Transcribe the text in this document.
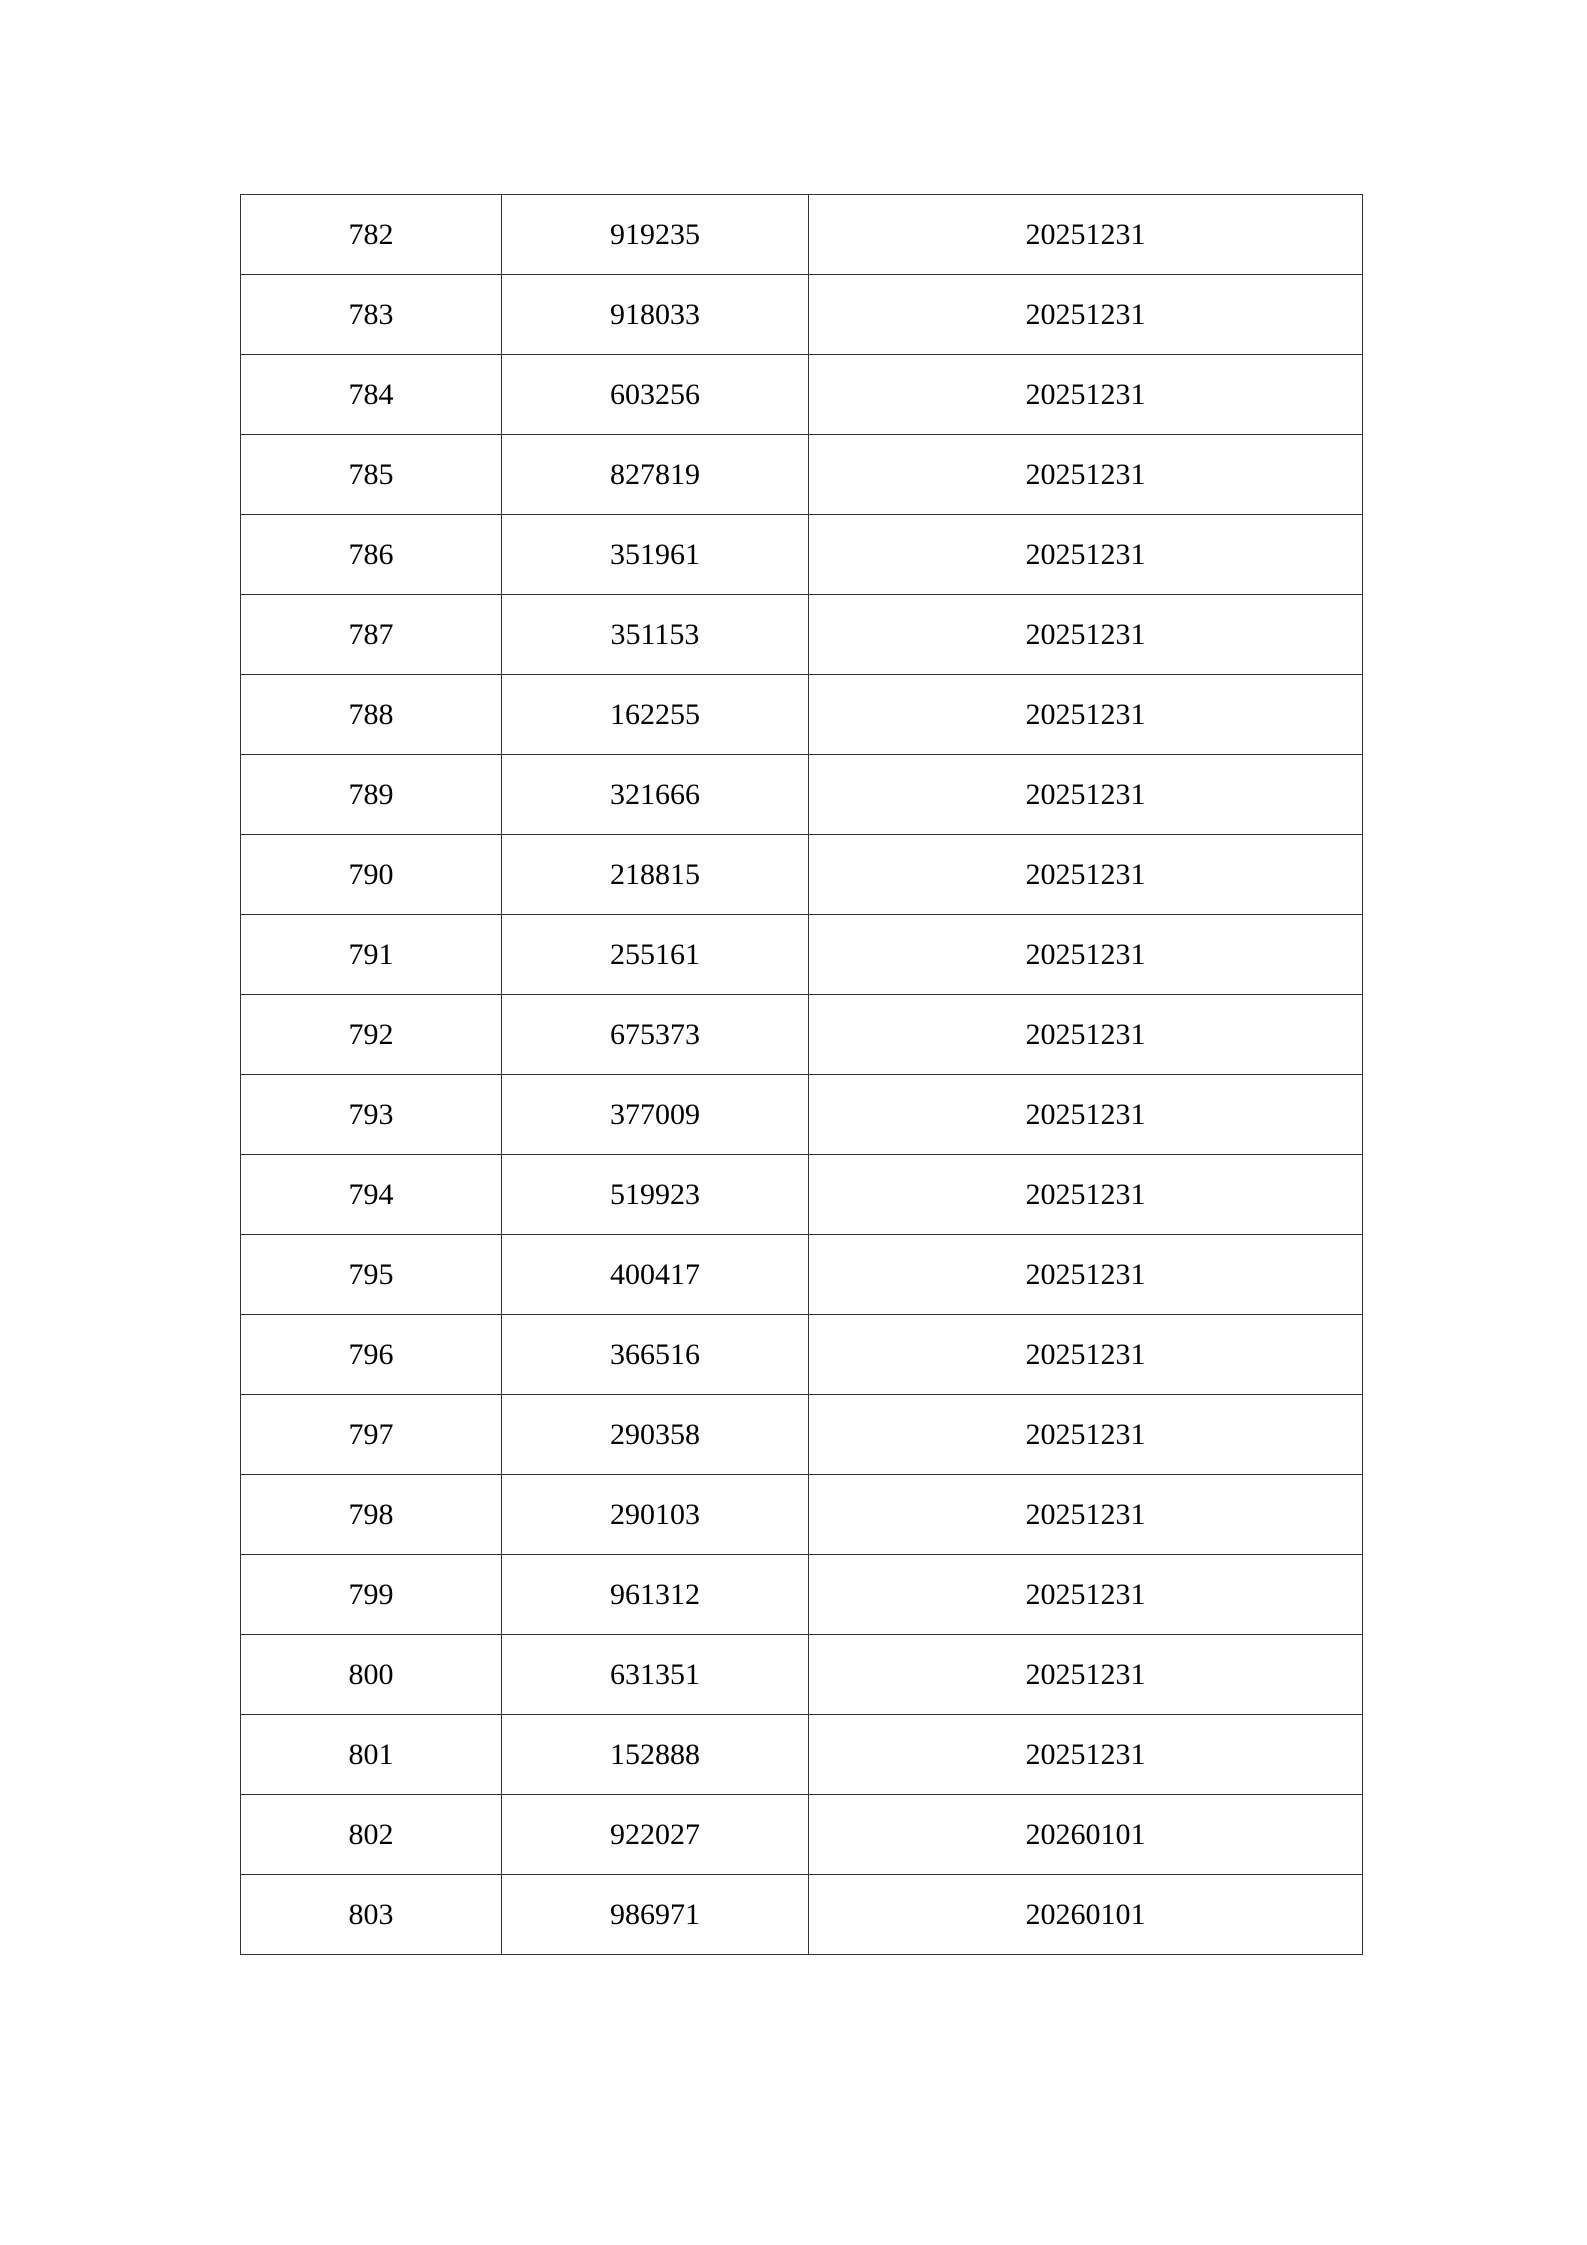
782	919235	20251231
783	918033	20251231
784	603256	20251231
785	827819	20251231
786	351961	20251231
787	351153	20251231
788	162255	20251231
789	321666	20251231
790	218815	20251231
791	255161	20251231
792	675373	20251231
793	377009	20251231
794	519923	20251231
795	400417	20251231
796	366516	20251231
797	290358	20251231
798	290103	20251231
799	961312	20251231
800	631351	20251231
801	152888	20251231
802	922027	20260101
803	986971	20260101
